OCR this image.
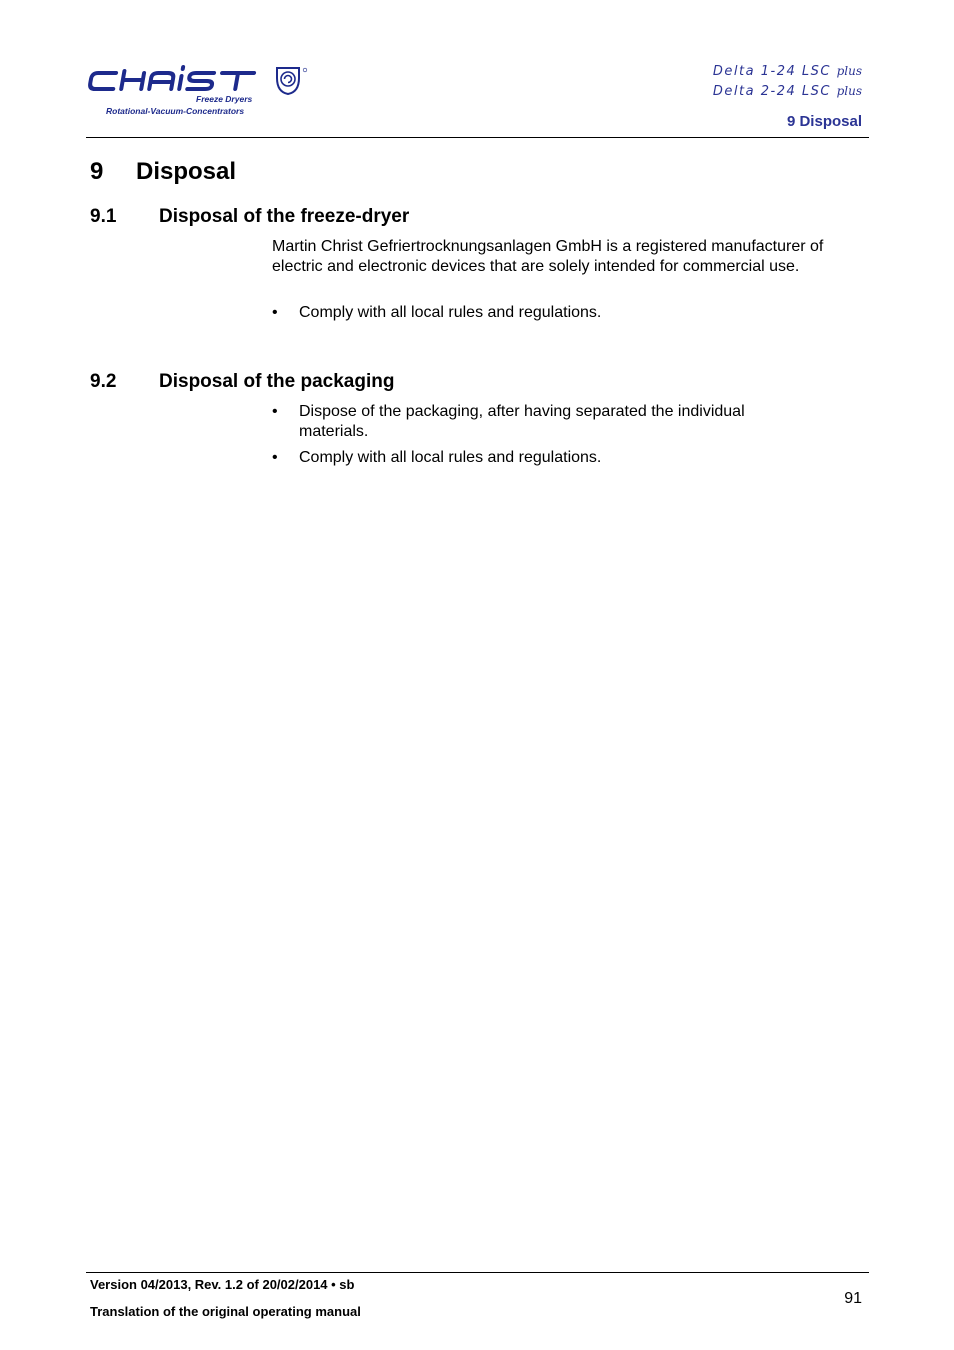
Freeze Dryers
Rotational-Vacuum-Concentrators
Delta 1-24 LSC plus
Delta 2-24 LSC plus
9 Disposal
9 Disposal
9.1 Disposal of the freeze-dryer
Martin Christ Gefriertrocknungsanlagen GmbH is a registered manufacturer of electric and electronic devices that are solely intended for commercial use.
• Comply with all local rules and regulations.
9.2 Disposal of the packaging
• Dispose of the packaging, after having separated the individual materials.
• Comply with all local rules and regulations.
Version 04/2013, Rev. 1.2 of 20/02/2014 • sb
Translation of the original operating manual
91
